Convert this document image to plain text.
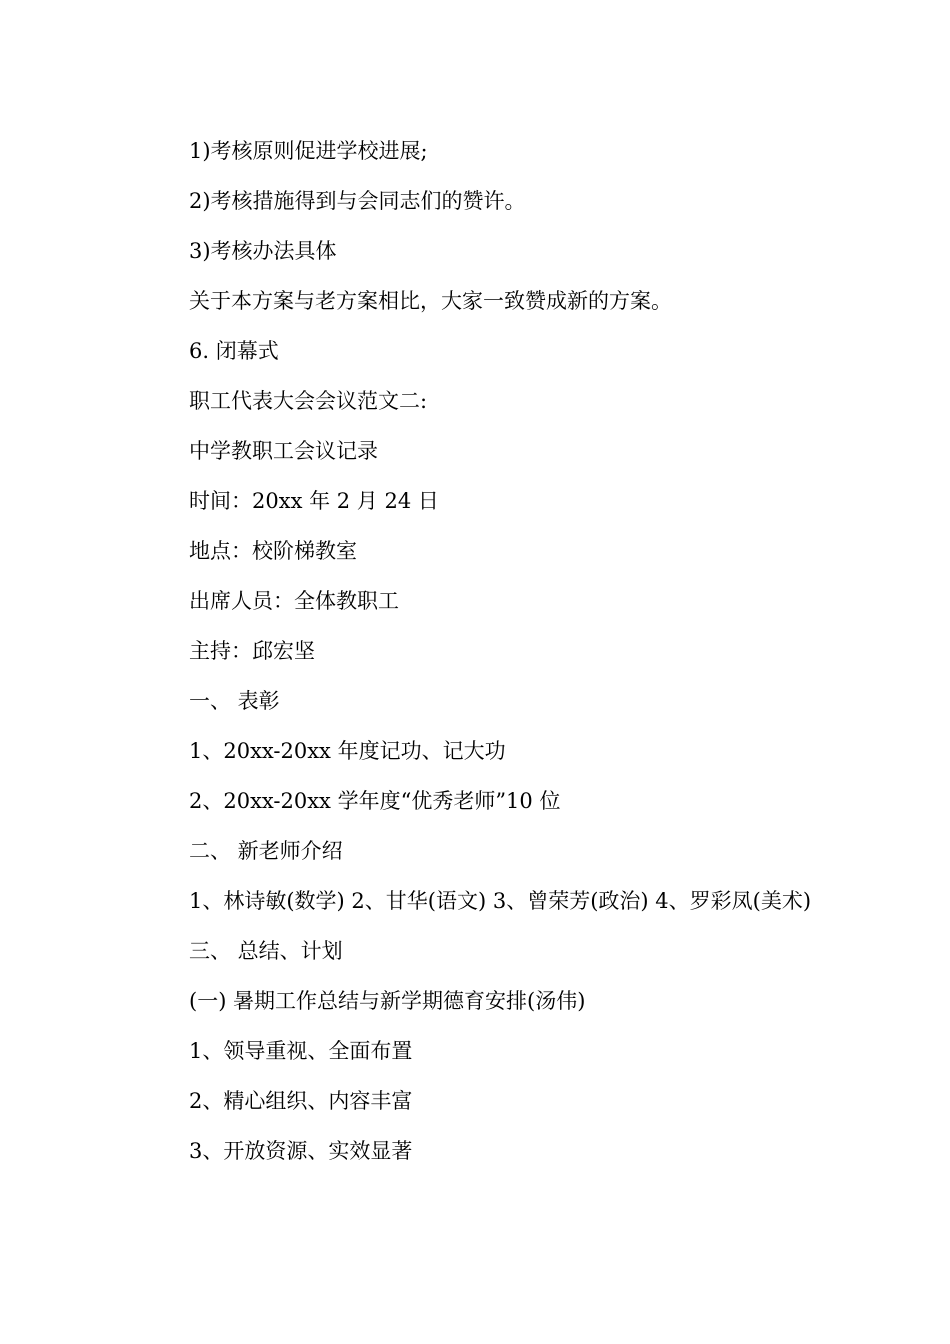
1)考核原则促进学校进展;

2)考核措施得到与会同志们的赞许。

3)考核办法具体

关于本方案与老方案相比，大家一致赞成新的方案。

6. 闭幕式

职工代表大会会议范文二:

中学教职工会议记录

时间：20xx 年 2 月 24 日

地点：校阶梯教室

出席人员：全体教职工

主持：邱宏坚

一、 表彰

1、20xx-20xx 年度记功、记大功

2、20xx-20xx 学年度“优秀老师”10 位

二、 新老师介绍

1、林诗敏(数学) 2、甘华(语文) 3、曾荣芳(政治) 4、罗彩凤(美术)

三、 总结、计划

(一) 暑期工作总结与新学期德育安排(汤伟)

1、领导重视、全面布置

2、精心组织、内容丰富

3、开放资源、实效显著
